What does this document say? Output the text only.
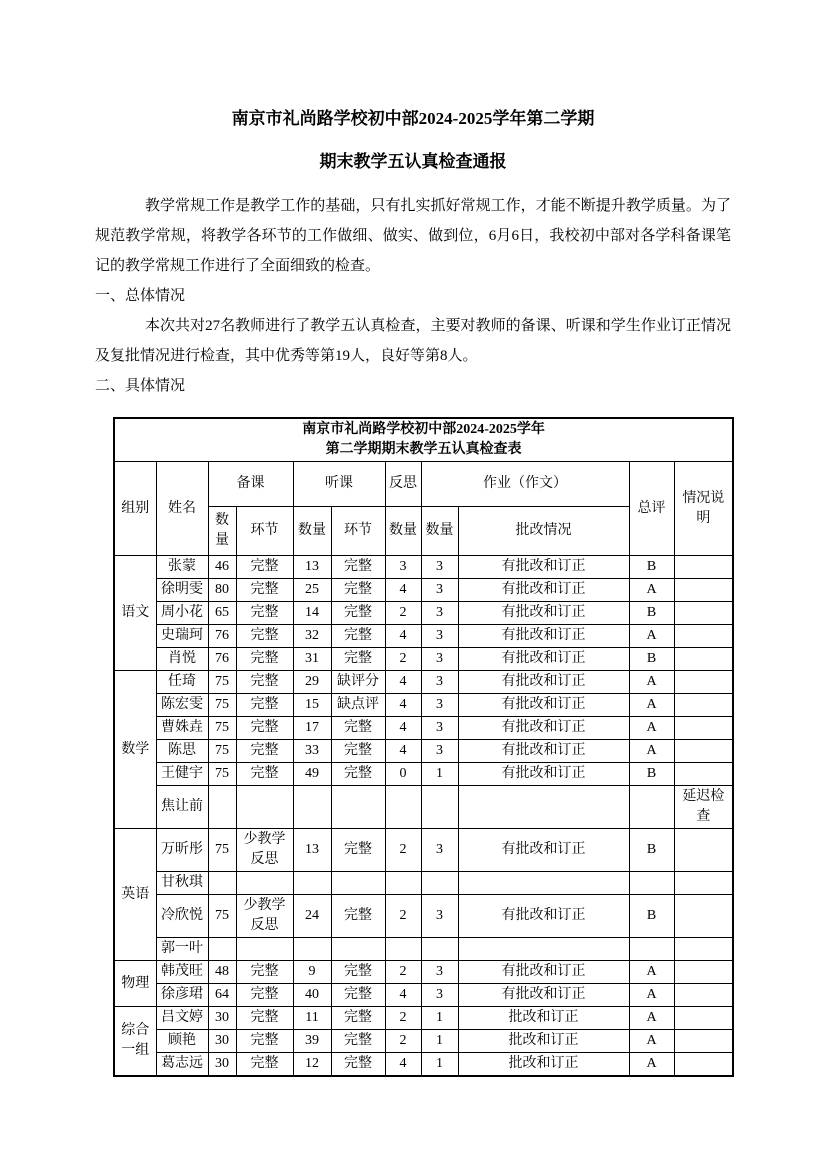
南京市礼尚路学校初中部2024-2025学年第二学期

期末教学五认真检查通报

教学常规工作是教学工作的基础，只有扎实抓好常规工作，才能不断提升教学质量。为了规范教学常规，将教学各环节的工作做细、做实、做到位，6月6日，我校初中部对各学科备课笔记的教学常规工作进行了全面细致的检查。

一、总体情况

本次共对27名教师进行了教学五认真检查，主要对教师的备课、听课和学生作业订正情况及复批情况进行检查，其中优秀等第19人，良好等第8人。

二、具体情况

南京市礼尚路学校初中部2024-2025学年
第二学期期末教学五认真检查表										
组别	姓名	备课		听课		反思	作业（作文）		总评	情况说明
		数量	环节	数量	环节	数量	数量	批改情况		
语文	张蒙	46	完整	13	完整	3	3	有批改和订正	B	
	徐明雯	80	完整	25	完整	4	3	有批改和订正	A	
	周小花	65	完整	14	完整	2	3	有批改和订正	B	
	史瑞珂	76	完整	32	完整	4	3	有批改和订正	A	
	肖悦	76	完整	31	完整	2	3	有批改和订正	B	
数学	任琦	75	完整	29	缺评分	4	3	有批改和订正	A	
	陈宏雯	75	完整	15	缺点评	4	3	有批改和订正	A	
	曹姝垚	75	完整	17	完整	4	3	有批改和订正	A	
	陈思	75	完整	33	完整	4	3	有批改和订正	A	
	王健宇	75	完整	49	完整	0	1	有批改和订正	B	
	焦让前									延迟检查
英语	万昕彤	75	少教学反思	13	完整	2	3	有批改和订正	B	
	甘秋琪									
	冷欣悦	75	少教学反思	24	完整	2	3	有批改和订正	B	
	郭一叶									
物理	韩茂旺	48	完整	9	完整	2	3	有批改和订正	A	
	徐彦珺	64	完整	40	完整	4	3	有批改和订正	A	
综合一组	吕文婷	30	完整	11	完整	2	1	批改和订正	A	
	顾艳	30	完整	39	完整	2	1	批改和订正	A	
	葛志远	30	完整	12	完整	4	1	批改和订正	A	
